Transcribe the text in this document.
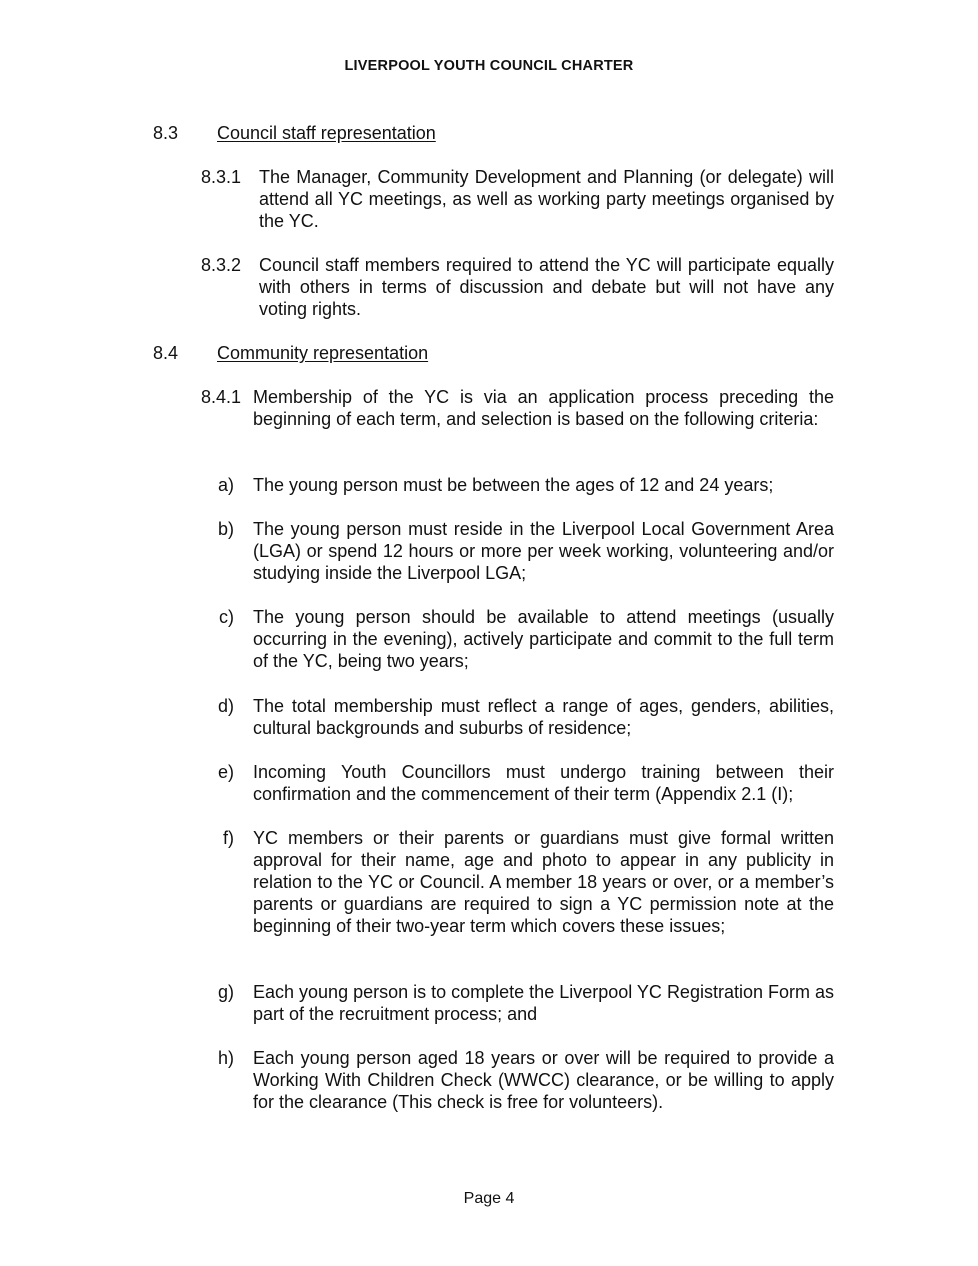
LIVERPOOL YOUTH COUNCIL CHARTER
8.3 Council staff representation
8.3.1 The Manager, Community Development and Planning (or delegate) will attend all YC meetings, as well as working party meetings organised by the YC.
8.3.2 Council staff members required to attend the YC will participate equally with others in terms of discussion and debate but will not have any voting rights.
8.4 Community representation
8.4.1 Membership of the YC is via an application process preceding the beginning of each term, and selection is based on the following criteria:
a) The young person must be between the ages of 12 and 24 years;
b) The young person must reside in the Liverpool Local Government Area (LGA) or spend 12 hours or more per week working, volunteering and/or studying inside the Liverpool LGA;
c) The young person should be available to attend meetings (usually occurring in the evening), actively participate and commit to the full term of the YC, being two years;
d) The total membership must reflect a range of ages, genders, abilities, cultural backgrounds and suburbs of residence;
e) Incoming Youth Councillors must undergo training between their confirmation and the commencement of their term (Appendix 2.1 (I);
f) YC members or their parents or guardians must give formal written approval for their name, age and photo to appear in any publicity in relation to the YC or Council. A member 18 years or over, or a member’s parents or guardians are required to sign a YC permission note at the beginning of their two-year term which covers these issues;
g) Each young person is to complete the Liverpool YC Registration Form as part of the recruitment process; and
h) Each young person aged 18 years or over will be required to provide a Working With Children Check (WWCC) clearance, or be willing to apply for the clearance (This check is free for volunteers).
Page 4
